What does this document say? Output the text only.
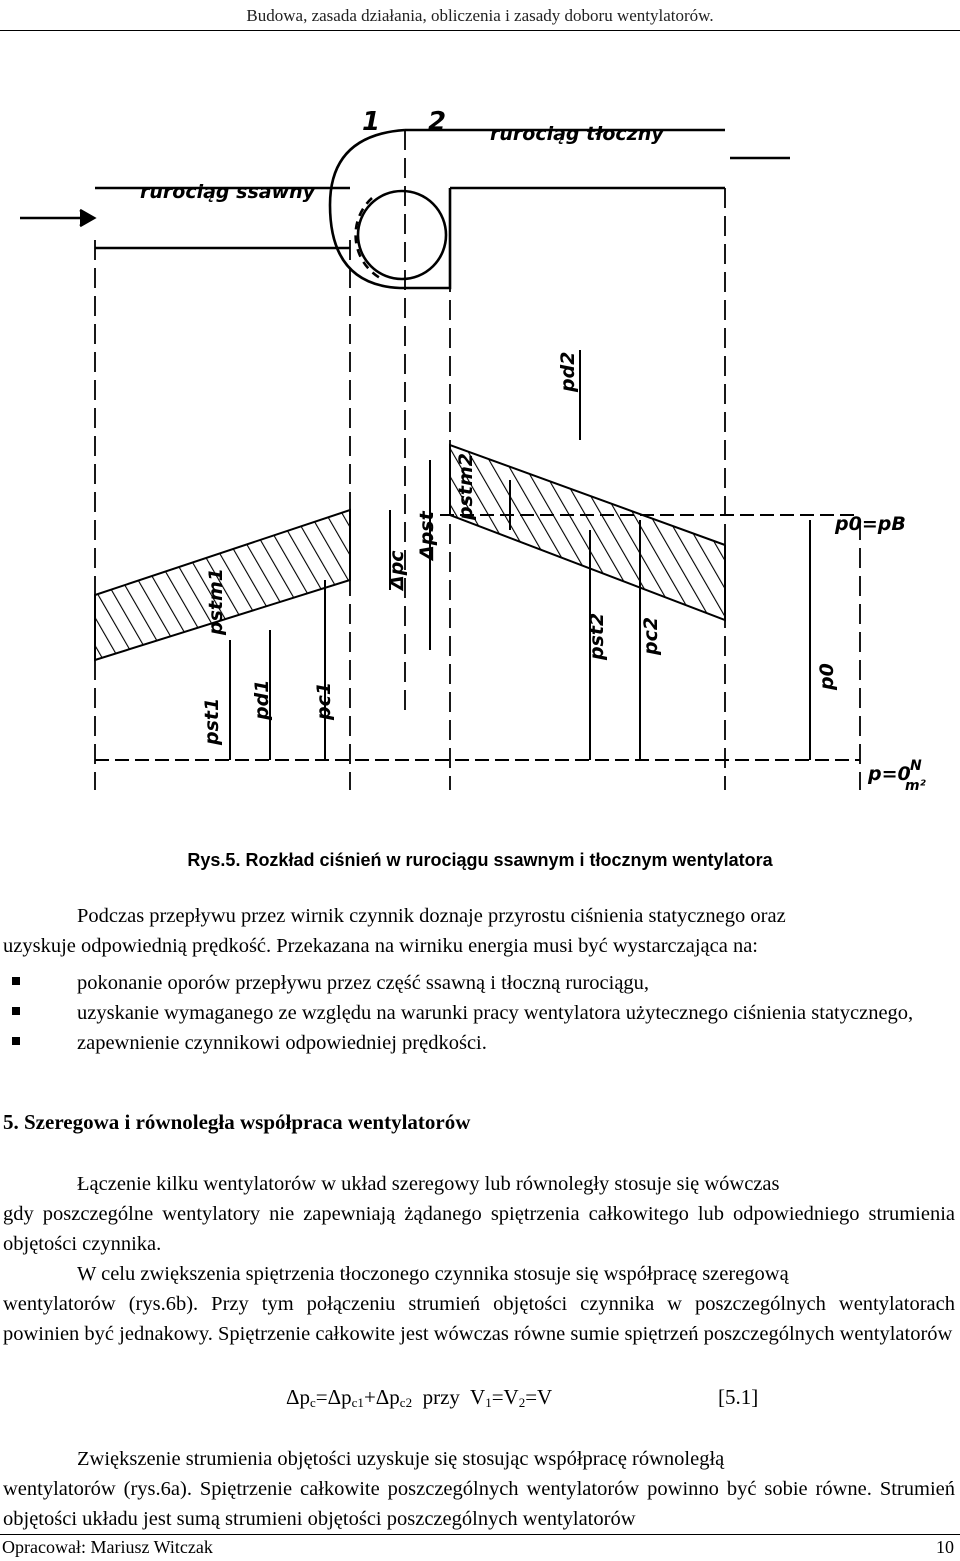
Budowa, zasada działania, obliczenia i zasady doboru wentylatorów.
1 2 rurociąg tłoczny
rurociąg ssawny
p0=pB
p=0 N
m²
pd2
pstm2
Δpst
Δpc
pstm1
pst1 pd1 pc1
pst2 pc2
p0
Rys.5. Rozkład ciśnień w rurociągu ssawnym i tłocznym wentylatora
Podczas przepływu przez wirnik czynnik doznaje przyrostu ciśnienia statycznego oraz
uzyskuje odpowiednią prędkość. Przekazana na wirniku energia musi być wystarczająca na:
pokonanie oporów przepływu przez część ssawną i tłoczną rurociągu,
uzyskanie wymaganego ze względu na warunki pracy wentylatora użytecznego ciśnienia statycznego,
zapewnienie czynnikowi odpowiedniej prędkości.
5. Szeregowa i równoległa współpraca wentylatorów
Łączenie kilku wentylatorów w układ szeregowy lub równoległy stosuje się wówczas
gdy poszczególne wentylatory nie zapewniają żądanego spiętrzenia całkowitego lub odpowiedniego strumienia objętości czynnika.
W celu zwiększenia spiętrzenia tłoczonego czynnika stosuje się współpracę szeregową
wentylatorów (rys.6b). Przy tym połączeniu strumień objętości czynnika w poszczególnych wentylatorach powinien być jednakowy. Spiętrzenie całkowite jest wówczas równe sumie spiętrzeń poszczególnych wentylatorów
$\Delta p_c=\Delta p_{c1}+\Delta p_{c2}$  przy  $V_1=V_2=V$	[5.1]
Zwiększenie strumienia objętości uzyskuje się stosując współpracę równoległą
wentylatorów (rys.6a). Spiętrzenie całkowite poszczególnych wentylatorów powinno być sobie równe. Strumień objętości układu jest sumą strumieni objętości poszczególnych wentylatorów
Opracował: Mariusz Witczak	10
